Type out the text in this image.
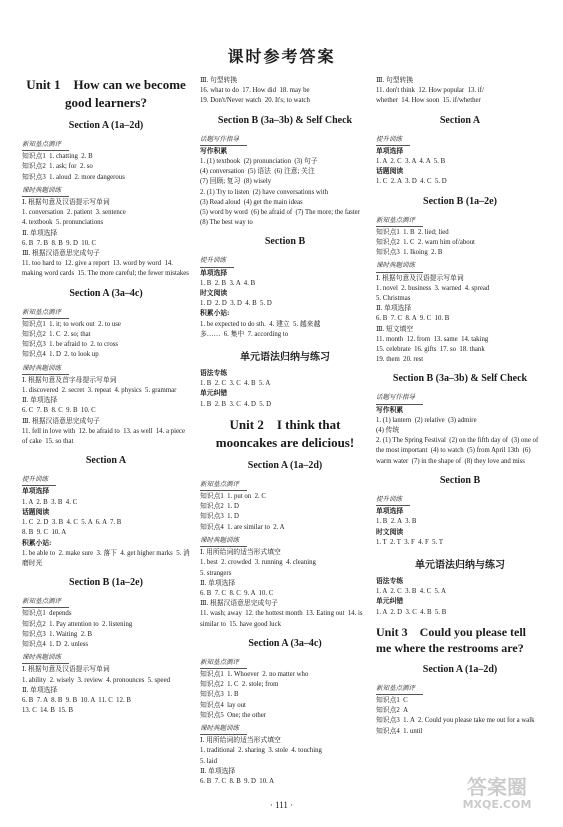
课时参考答案
Unit 1　How can we become good learners?
Section A (1a–2d)
新知基点测评

知识点1  1. chatting  2. B

知识点2  1. ask; for  2. so

知识点3  1. aloud  2. more dangerous

课时典题训练

Ⅰ. 根据句意及汉语提示写单词

1. conversation  2. patient  3. sentence

4. textbook  5. pronunciations

Ⅱ. 单项选择

6. B  7. B  8. B  9. D  10. C

Ⅲ. 根据汉语意思完成句子

11. too hard to  12. give a report  13. word by word  14. making word cards  15. The more careful; the fewer mistakes

Section A (3a–4c)
新知基点测评

知识点1  1. it; to work out  2. to use

知识点2  1. C  2. so; that

知识点3  1. be afraid to  2. to cross

知识点4  1. D  2. to look up

课时典题训练

Ⅰ. 根据句意及首字母提示写单词

1. discovered  2. secret  3. repeat  4. physics  5. grammar

Ⅱ. 单项选择

6. C  7. B  8. C  9. B  10. C

Ⅲ. 根据汉语意思完成句子

11. fell in love with  12. be afraid to  13. as well  14. a piece of cake  15. so that

Section A
提升训练

单项选择

1. A  2. B  3. B  4. C

话题阅读

1. C  2. D  3. B  4. C  5. A  6. A  7. B

8. B  9. C  10. A

积累小站:

1. be able to  2. make sure  3. 落下  4. get higher marks  5. 消磨时光

Section B (1a–2e)
新知基点测评

知识点1  depends

知识点2  1. Pay attention to  2. listening

知识点3  1. Waiting  2. B

知识点4  1. D  2. unless

课时典题训练

Ⅰ. 根据句意及汉语提示写单词

1. ability  2. wisely  3. review  4. pronounces  5. speed

Ⅱ. 单项选择

6. B  7. A  8. B  9. B  10. A  11. C  12. B

13. C  14. B  15. B

Ⅲ. 句型转换

16. what to do  17. How did  18. may be

19. Don't/Never watch  20. It's; to watch

Section B (3a–3b) & Self Check
话题写作指导

写作积累

1. (1) textbook  (2) pronunciation  (3) 句子

(4) conversation  (5) 语法  (6) 注意; 关注

(7) 回顾; 复习  (8) wisely

2. (1) Try to listen  (2) have conversations with

(3) Read aloud  (4) get the main ideas

(5) word by word  (6) be afraid of  (7) The more; the faster  (8) The best way to

Section B
提升训练

单项选择

1. B  2. B  3. A  4. B

时文阅读

1. D  2. D  3. D  4. B  5. D

积累小站:

1. be expected to do sth.  4. 建立  5. 越来越

多……  6. 集中  7. according to

单元语法归纳与练习

语法专练

1. B  2. C  3. C  4. B  5. A

单元纠错

1. B  2. B  3. C  4. D  5. D

Unit 2　I think that mooncakes are delicious!
Section A (1a–2d)
新知基点测评

知识点1  1. put on  2. C

知识点2  1. D

知识点3  1. D

知识点4  1. are similar to  2. A

课时典题训练

Ⅰ. 用所给词的适当形式填空

1. best  2. crowded  3. running  4. cleaning

5. strangers

Ⅱ. 单项选择

6. B  7. C  8. C  9. A  10. C

Ⅲ. 根据汉语意思完成句子

11. wash; away  12. the hottest month  13. Eating out  14. is similar to  15. have good luck

Section A (3a–4c)
新知基点测评

知识点1  1. Whoever  2. no matter who

知识点2  1. C  2. stole; from

知识点3  1. B

知识点4  lay out

知识点5  One; the other

课时典题训练

Ⅰ. 用所给词的适当形式填空

1. traditional  2. sharing  3. stole  4. touching

5. laid

Ⅱ. 单项选择

6. B  7. C  8. B  9. D  10. A

Ⅲ. 句型转换

11. don't think  12. How popular  13. if/

whether  14. How soon  15. if/whether

Section A
提升训练

单项选择

1. A  2. C  3. A  4. A  5. B

话题阅读

1. C  2. A  3. D  4. C  5. D

Section B (1a–2e)
新知基点测评

知识点1  1. B  2. lied; lied

知识点2  1. C  2. warn him of/about

知识点3  1. Ikoing  2. B

课时典题训练

Ⅰ. 根据句意及汉语提示写单词

1. novel  2. business  3. warned  4. spread

5. Christmas

Ⅱ. 单项选择

6. B  7. C  8. A  9. C  10. B

Ⅲ. 短文填空

11. month  12. from  13. same  14. taking

15. celebrate  16. gifts  17. so  18. thank

19. them  20. rest

Section B (3a–3b) & Self Check
话题写作指导

写作积累

1. (1) lantern  (2) relative  (3) admire

(4) 传统

2. (1) The Spring Festival  (2) on the fifth day of  (3) one of the most important  (4) to watch  (5) from April 13th  (6) warm water  (7) in the shape of  (8) they love and miss

Section B
提升训练

单项选择

1. B  2. A  3. B

时文阅读

1. T  2. T  3. F  4. F  5. T

单元语法归纳与练习

语法专练

1. A  2. C  3. B  4. C  5. A

单元纠错

1. A  2. D  3. C  4. B  5. B

Unit 3　Could you please tell me where the restrooms are?
Section A (1a–2d)
新知基点测评

知识点1  C

知识点2  A

知识点3  1. A  2. Could you please take me out for a walk

知识点4  1. until

答案圈
MXQE.COM
· 111 ·
